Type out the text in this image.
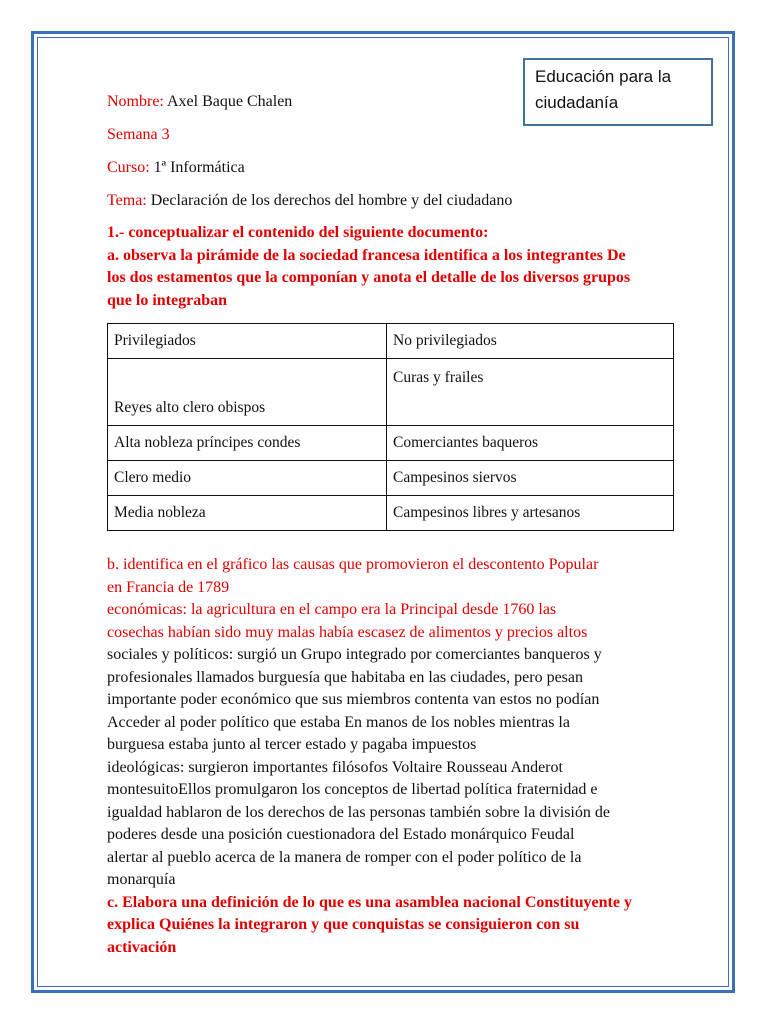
Educación para la
ciudadanía
Nombre: Axel Baque Chalen
Semana 3
Curso: 1ª Informática
Tema: Declaración de los derechos del hombre y del ciudadano
1.- conceptualizar el contenido del siguiente documento:
a. observa la pirámide de la sociedad francesa identifica a los integrantes De
los dos estamentos que la componían y anota el detalle de los diversos grupos
que lo integraban
Privilegiados	No privilegiados
Reyes alto clero obispos	Curas y frailes
Alta nobleza príncipes condes	Comerciantes baqueros
Clero medio	Campesinos siervos
Media nobleza	Campesinos libres y artesanos
b. identifica en el gráfico las causas que promovieron el descontento Popular
en Francia de 1789
económicas: la agricultura en el campo era la Principal desde 1760 las
cosechas habían sido muy malas había escasez de alimentos y precios altos
sociales y políticos: surgió un Grupo integrado por comerciantes banqueros y
profesionales llamados burguesía que habitaba en las ciudades, pero pesan
importante poder económico que sus miembros contenta van estos no podían
Acceder al poder político que estaba En manos de los nobles mientras la
burguesa estaba junto al tercer estado y pagaba impuestos
ideológicas: surgieron importantes filósofos Voltaire Rousseau Anderot
montesuitoEllos promulgaron los conceptos de libertad política fraternidad e
igualdad hablaron de los derechos de las personas también sobre la división de
poderes desde una posición cuestionadora del Estado monárquico Feudal
alertar al pueblo acerca de la manera de romper con el poder político de la
monarquía
c. Elabora una definición de lo que es una asamblea nacional Constituyente y
explica Quiénes la integraron y que conquistas se consiguieron con su
activación
